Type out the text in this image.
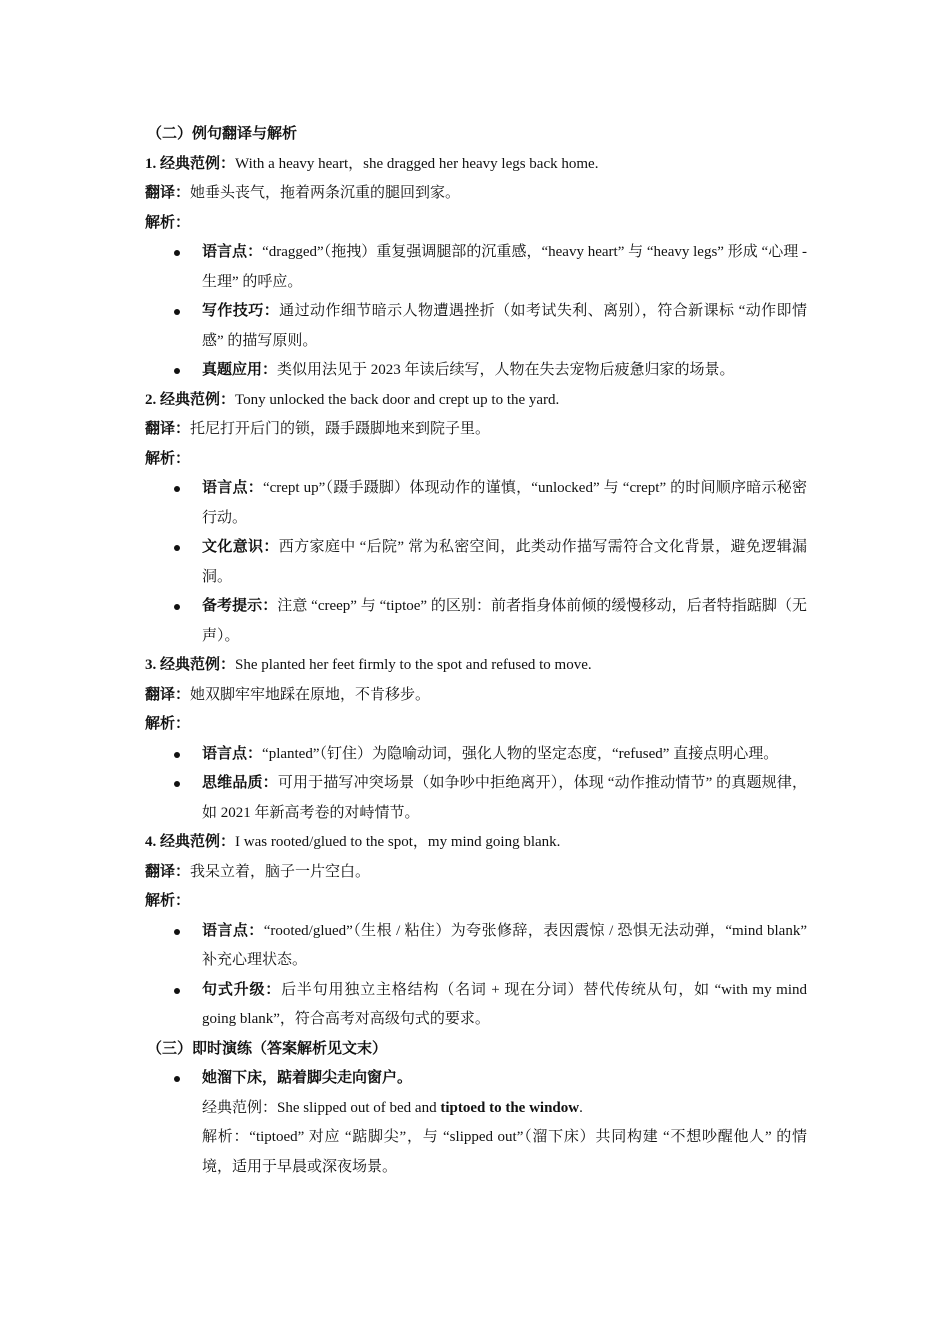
（二）例句翻译与解析
1. 经典范例：With a heavy heart，she dragged her heavy legs back home.
翻译：她垂头丧气，拖着两条沉重的腿回到家。
解析：
语言点：“dragged”（拖拽）重复强调腿部的沉重感，“heavy heart” 与 “heavy legs” 形成 “心理 - 生理” 的呼应。
写作技巧：通过动作细节暗示人物遭遇挫折（如考试失利、离别），符合新课标 “动作即情感” 的描写原则。
真题应用：类似用法见于 2023 年读后续写，人物在失去宠物后疲惫归家的场景。
2. 经典范例：Tony unlocked the back door and crept up to the yard.
翻译：托尼打开后门的锁，蹑手蹑脚地来到院子里。
解析：
语言点：“crept up”（蹑手蹑脚）体现动作的谨慎，“unlocked” 与 “crept” 的时间顺序暗示秘密行动。
文化意识：西方家庭中 “后院” 常为私密空间，此类动作描写需符合文化背景，避免逻辑漏洞。
备考提示：注意 “creep” 与 “tiptoe” 的区别：前者指身体前倾的缓慢移动，后者特指踮脚（无声）。
3. 经典范例：She planted her feet firmly to the spot and refused to move.
翻译：她双脚牢牢地踩在原地，不肯移步。
解析：
语言点：“planted”（钉住）为隐喻动词，强化人物的坚定态度，“refused” 直接点明心理。
思维品质：可用于描写冲突场景（如争吵中拒绝离开），体现 “动作推动情节” 的真题规律，如 2021 年新高考卷的对峙情节。
4. 经典范例：I was rooted/glued to the spot，my mind going blank.
翻译：我呆立着，脑子一片空白。
解析：
语言点：“rooted/glued”（生根 / 粘住）为夸张修辞，表因震惊 / 恐惧无法动弹，“mind blank” 补充心理状态。
句式升级：后半句用独立主格结构（名词 + 现在分词）替代传统从句，如 “with my mind going blank”，符合高考对高级句式的要求。
（三）即时演练（答案解析见文末）
她溜下床，踮着脚尖走向窗户。
经典范例：She slipped out of bed and tiptoed to the window.
解析：“tiptoed” 对应 “踮脚尖”，与 “slipped out”（溜下床）共同构建 “不想吵醒他人” 的情境，适用于早晨或深夜场景。
